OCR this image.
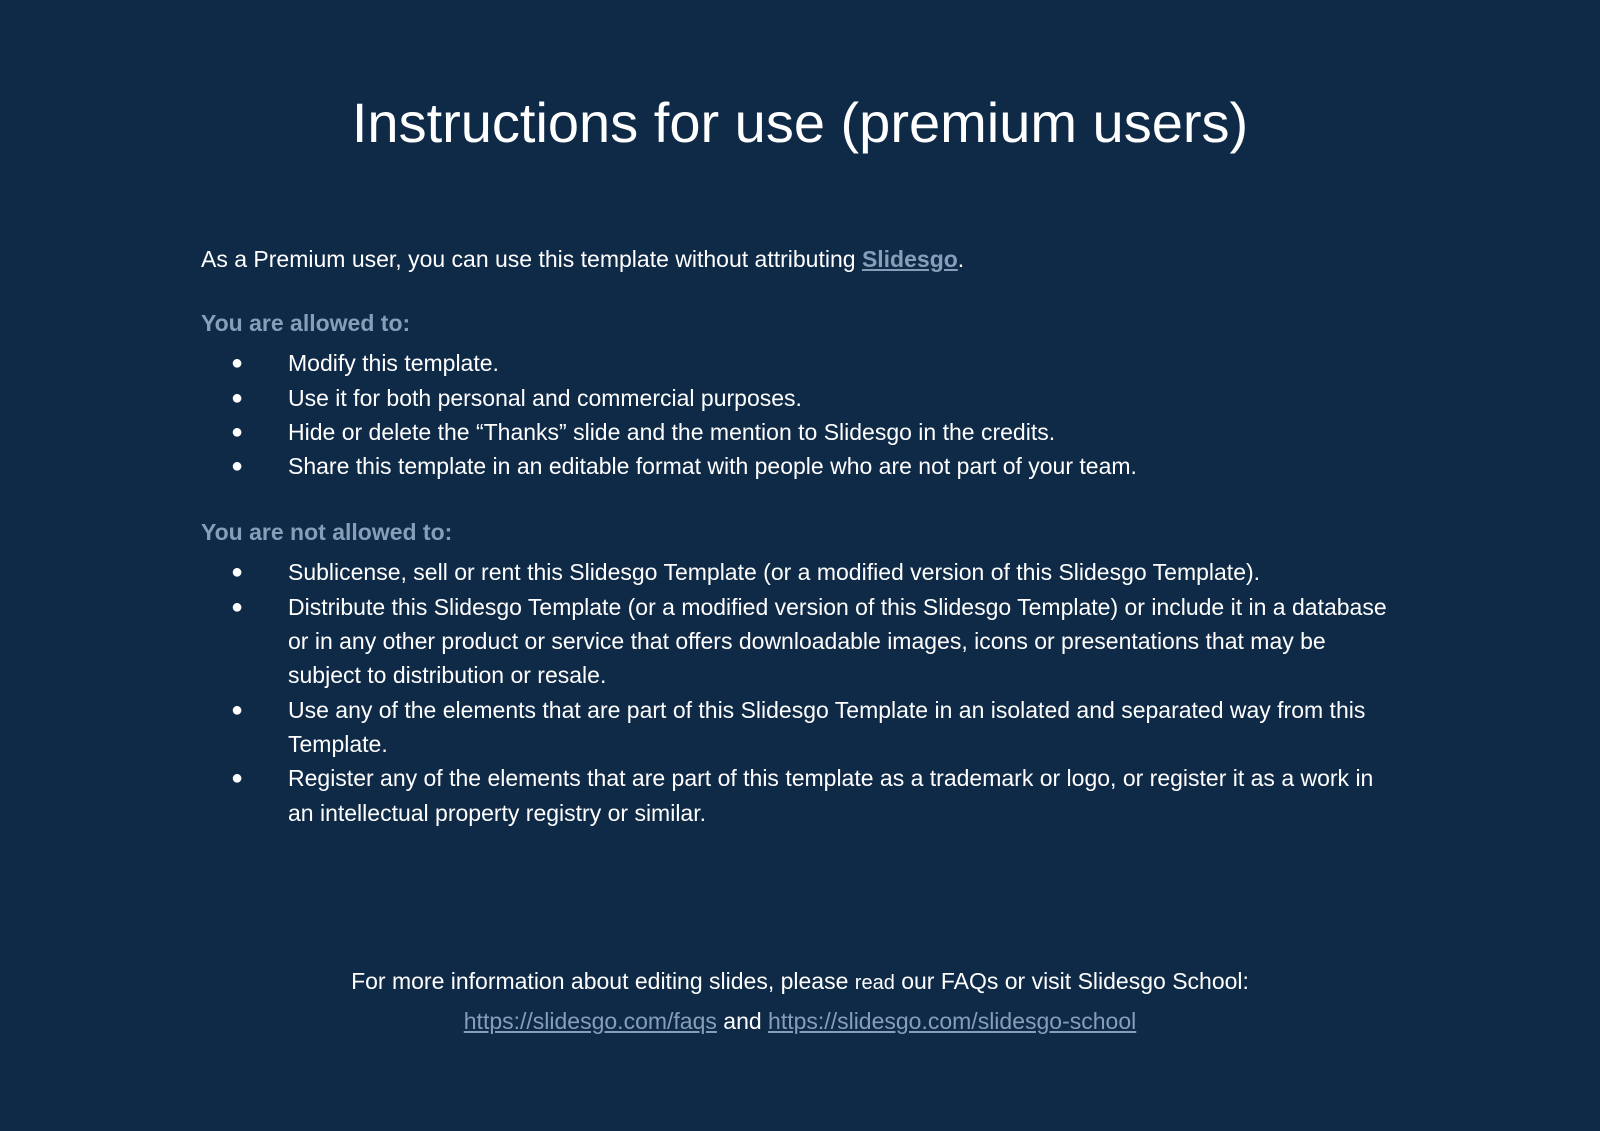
Instructions for use (premium users)

As a Premium user, you can use this template without attributing Slidesgo.

You are allowed to:
● Modify this template.
● Use it for both personal and commercial purposes.
● Hide or delete the “Thanks” slide and the mention to Slidesgo in the credits.
● Share this template in an editable format with people who are not part of your team.
You are not allowed to:
● Sublicense, sell or rent this Slidesgo Template (or a modified version of this Slidesgo Template).
● Distribute this Slidesgo Template (or a modified version of this Slidesgo Template) or include it in a database or in any other product or service that offers downloadable images, icons or presentations that may be subject to distribution or resale.
● Use any of the elements that are part of this Slidesgo Template in an isolated and separated way from this Template.
● Register any of the elements that are part of this template as a trademark or logo, or register it as a work in an intellectual property registry or similar.
For more information about editing slides, please read our FAQs or visit Slidesgo School:
https://slidesgo.com/faqs and https://slidesgo.com/slidesgo-school
